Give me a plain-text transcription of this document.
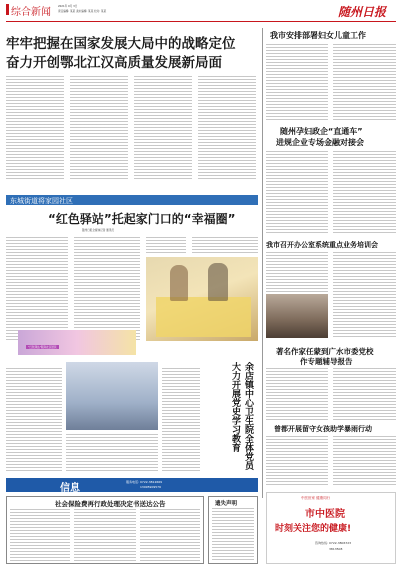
综合新闻
2021年 9月 3日
责任编辑: 某某 美术编辑: 某某 校对: 某某	随州日报
牢牢把握在国家发展大局中的战略定位
奋力开创鄂北江汉高质量发展新局面
东城街道将家园社区
“红色驿站”托起家门口的“幸福圈”
随州日报全媒体记者 通讯员
“红色驿站”服务社区居民
余店镇中心卫生院全体党员 大力开展党史学习教育
信息
服务电话: 0722-3812669
13995909576
社会保险费再行政处理决定书送达公告	遗失声明
我市安排部署妇女儿童工作
随州孕妇政企“直通车”
进规企业专场金融对接会
我市召开办公室系统重点业务培训会
著名作家任蒙到广水市委党校
作专题辅导报告
曾都开展留守女孩助学暴雨行动
中医世家 健康同行
市中医院
时刻关注您的健康!
咨询热线: 0722-3806723
3813508
